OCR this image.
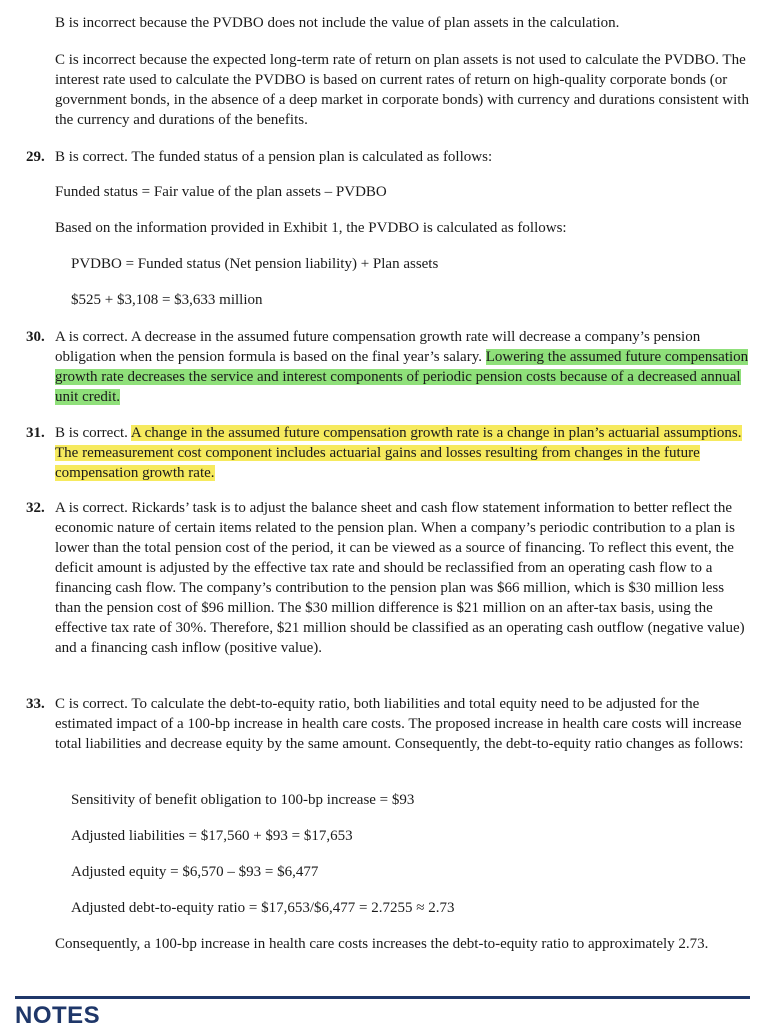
B is incorrect because the PVDBO does not include the value of plan assets in the calculation.

C is incorrect because the expected long-term rate of return on plan assets is not used to calculate the PVDBO. The interest rate used to calculate the PVDBO is based on current rates of return on high-quality corporate bonds (or government bonds, in the absence of a deep market in corporate bonds) with currency and durations consistent with the currency and durations of the benefits.

29. B is correct. The funded status of a pension plan is calculated as follows:

Funded status = Fair value of the plan assets – PVDBO

Based on the information provided in Exhibit 1, the PVDBO is calculated as follows:

PVDBO = Funded status (Net pension liability) + Plan assets

$525 + $3,108 = $3,633 million

30. A is correct. A decrease in the assumed future compensation growth rate will decrease a company’s pension obligation when the pension formula is based on the final year’s salary. Lowering the assumed future compensation growth rate decreases the service and interest components of periodic pension costs because of a decreased annual unit credit.
31. B is correct. A change in the assumed future compensation growth rate is a change in plan’s actuarial assumptions. The remeasurement cost component includes actuarial gains and losses resulting from changes in the future compensation growth rate.
32. A is correct. Rickards’ task is to adjust the balance sheet and cash flow statement information to better reflect the economic nature of certain items related to the pension plan. When a company’s periodic contribution to a plan is lower than the total pension cost of the period, it can be viewed as a source of financing. To reflect this event, the deficit amount is adjusted by the effective tax rate and should be reclassified from an operating cash flow to a financing cash flow. The company’s contribution to the pension plan was $66 million, which is $30 million less than the pension cost of $96 million. The $30 million difference is $21 million on an after-tax basis, using the effective tax rate of 30%. Therefore, $21 million should be classified as an operating cash outflow (negative value) and a financing cash inflow (positive value).
33. C is correct. To calculate the debt-to-equity ratio, both liabilities and total equity need to be adjusted for the estimated impact of a 100-bp increase in health care costs. The proposed increase in health care costs will increase total liabilities and decrease equity by the same amount. Consequently, the debt-to-equity ratio changes as follows:

Sensitivity of benefit obligation to 100-bp increase = $93

Adjusted liabilities = $17,560 + $93 = $17,653

Adjusted equity = $6,570 – $93 = $6,477

Adjusted debt-to-equity ratio = $17,653/$6,477 = 2.7255 ≈ 2.73

Consequently, a 100-bp increase in health care costs increases the debt-to-equity ratio to approximately 2.73.

NOTES
